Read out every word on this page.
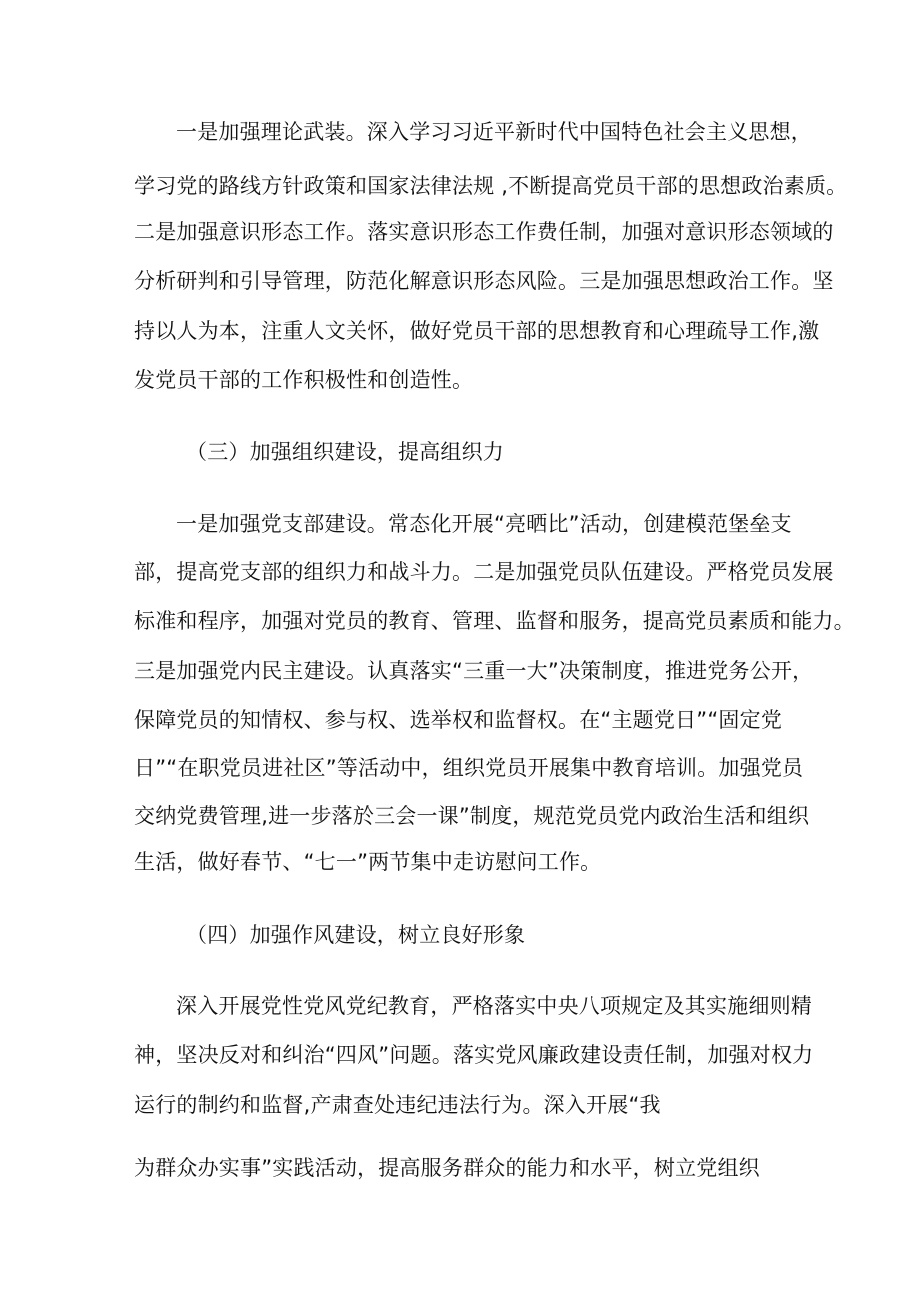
一是加强理论武装。深入学习习近平新时代中国特色社会主义思想，
学习党的路线方针政策和国家法律法规 ,不断提高党员干部的思想政治素质。
二是加强意识形态工作。落实意识形态工作费任制，加强对意识形态领域的
分析研判和引导管理，防范化解意识形态风险。三是加强思想政治工作。坚
持以人为本，注重人文关怀，做好党员干部的思想教育和心理疏导工作,激
发党员干部的工作积极性和创造性。
（三）加强组织建设，提高组织力
一是加强党支部建设。常态化开展“亮晒比”活动，创建模范堡垒支
部，提高党支部的组织力和战斗力。二是加强党员队伍建设。严格党员发展
标准和程序，加强对党员的教育、管理、监督和服务，提高党员素质和能力。
三是加强党内民主建设。认真落实“三重一大”决策制度，推进党务公开，
保障党员的知情权、参与权、选举权和监督权。在“主题党日”“固定党
日”“在职党员进社区”等活动中，组织党员开展集中教育培训。加强党员
交纳党费管理,进一步落於三会一课”制度，规范党员党内政治生活和组织
生活，做好春节、“七一”两节集中走访慰问工作。
（四）加强作风建设，树立良好形象
深入开展党性党风党纪教育，严格落实中央八项规定及其实施细则精
神，坚决反对和纠治“四风”问题。落实党风廉政建设责任制，加强对权力
运行的制约和监督,产肃查处违纪违法行为。深入开展“我
为群众办实事”实践活动，提高服务群众的能力和水平，树立党组织
